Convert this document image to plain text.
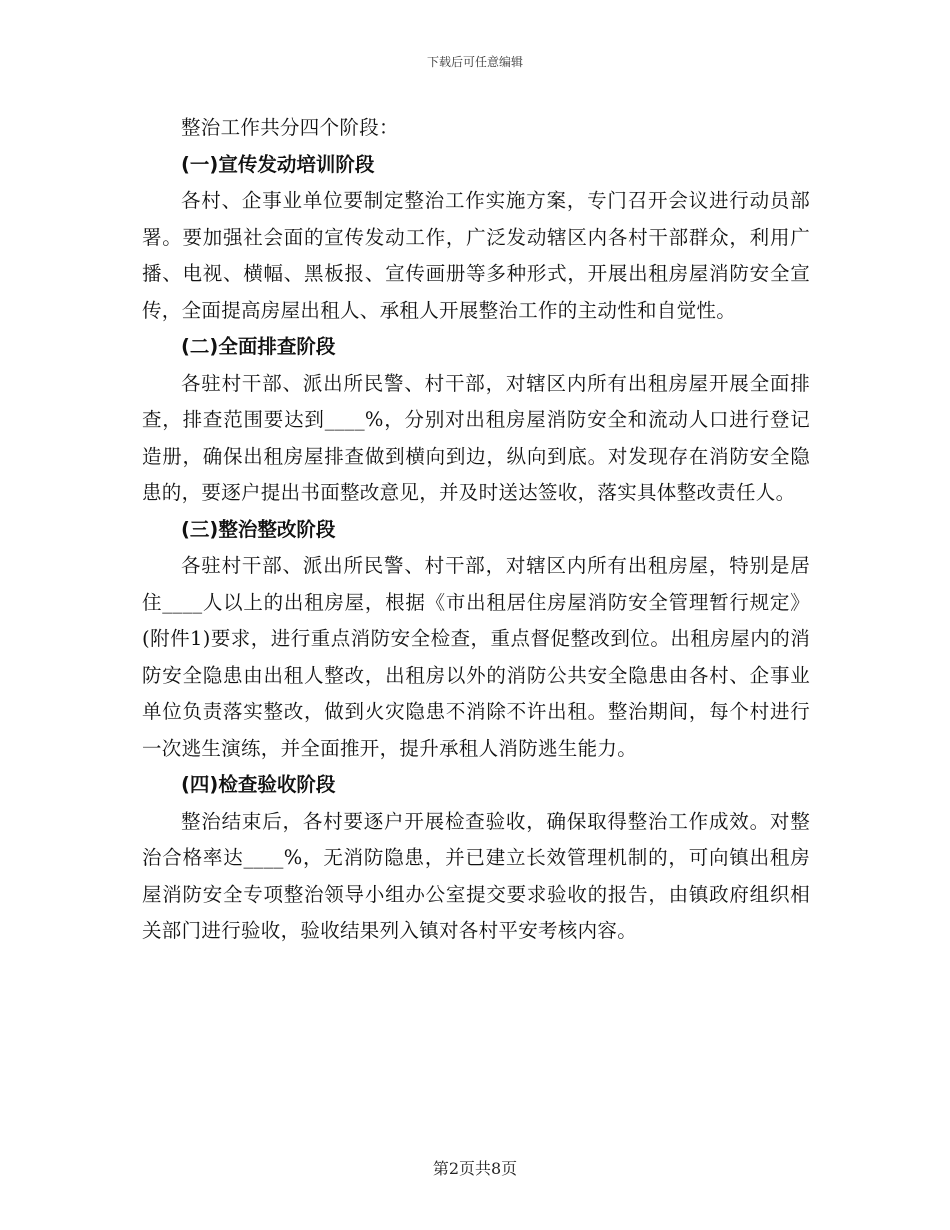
下载后可任意编辑

整治工作共分四个阶段：

(一)宣传发动培训阶段

各村、企事业单位要制定整治工作实施方案，专门召开会议进行动员部署。要加强社会面的宣传发动工作，广泛发动辖区内各村干部群众，利用广播、电视、横幅、黑板报、宣传画册等多种形式，开展出租房屋消防安全宣传，全面提高房屋出租人、承租人开展整治工作的主动性和自觉性。

(二)全面排查阶段

各驻村干部、派出所民警、村干部，对辖区内所有出租房屋开展全面排查，排查范围要达到____%，分别对出租房屋消防安全和流动人口进行登记造册，确保出租房屋排查做到横向到边，纵向到底。对发现存在消防安全隐患的，要逐户提出书面整改意见，并及时送达签收，落实具体整改责任人。

(三)整治整改阶段

各驻村干部、派出所民警、村干部，对辖区内所有出租房屋，特别是居住____人以上的出租房屋，根据《市出租居住房屋消防安全管理暂行规定》(附件1)要求，进行重点消防安全检查，重点督促整改到位。出租房屋内的消防安全隐患由出租人整改，出租房以外的消防公共安全隐患由各村、企事业单位负责落实整改，做到火灾隐患不消除不许出租。整治期间，每个村进行一次逃生演练，并全面推开，提升承租人消防逃生能力。

(四)检查验收阶段

整治结束后，各村要逐户开展检查验收，确保取得整治工作成效。对整治合格率达____%，无消防隐患，并已建立长效管理机制的，可向镇出租房屋消防安全专项整治领导小组办公室提交要求验收的报告，由镇政府组织相关部门进行验收，验收结果列入镇对各村平安考核内容。

第2页共8页
